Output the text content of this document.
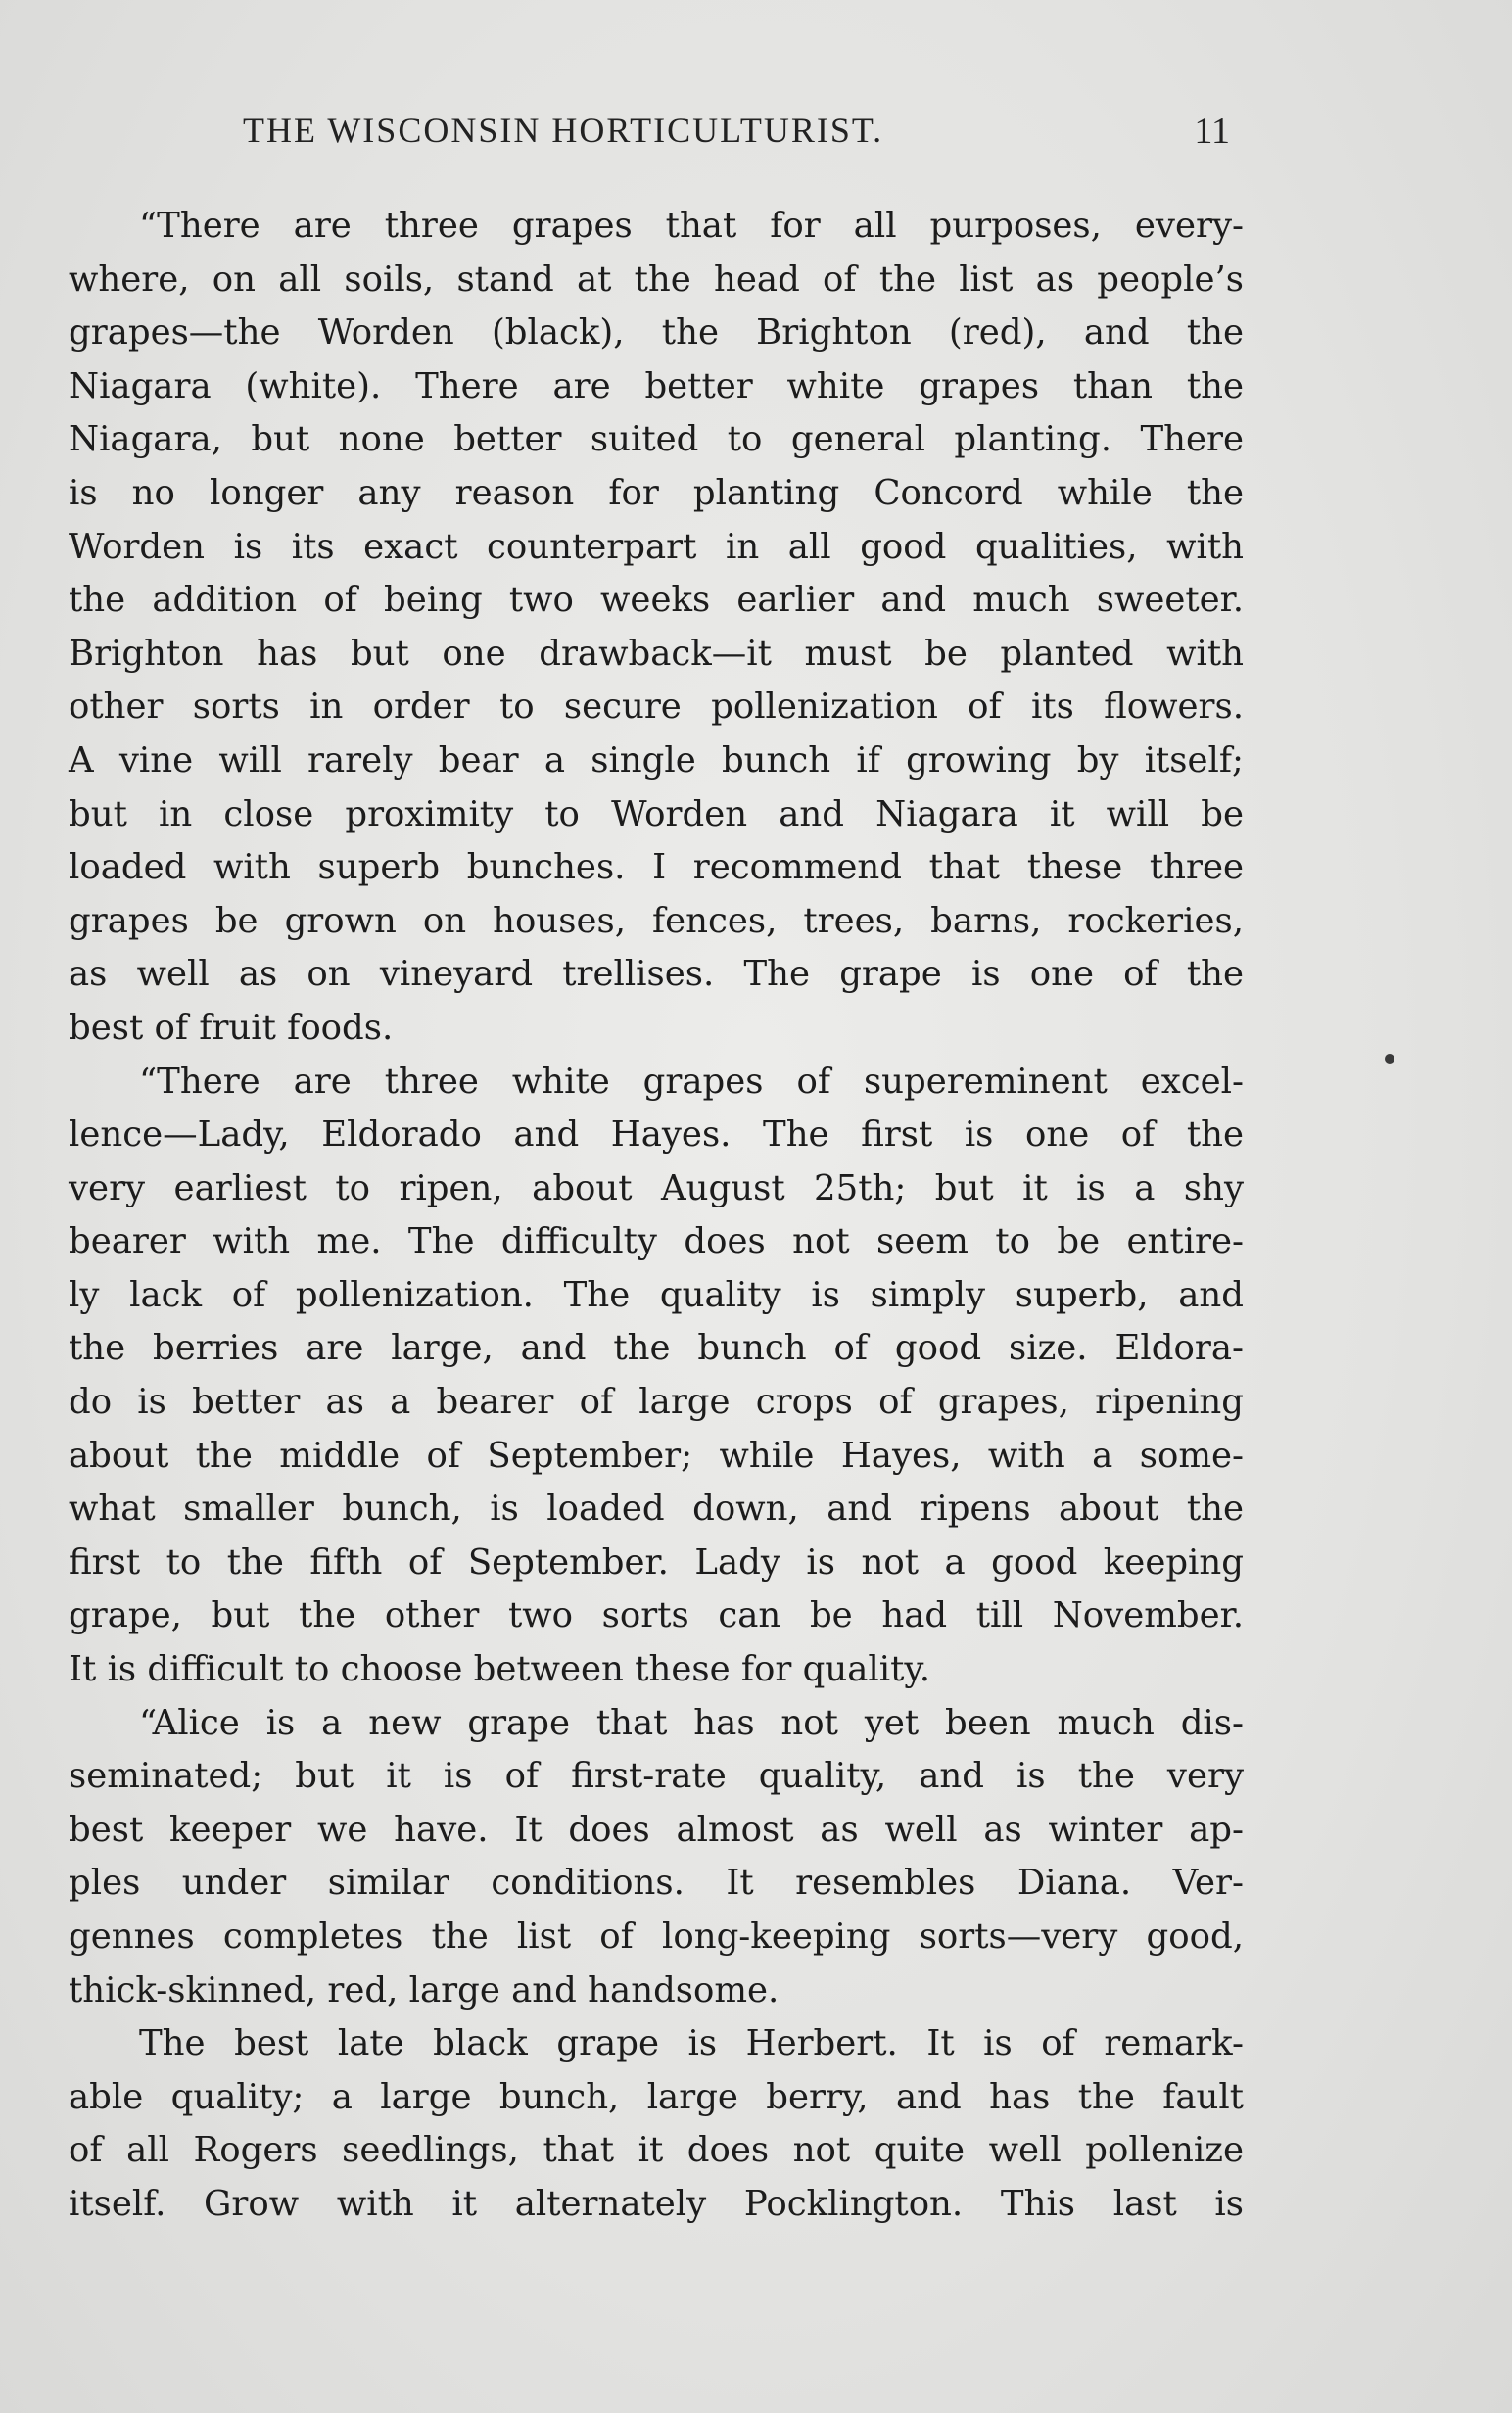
THE WISCONSIN HORTICULTURIST.	11
“There are three grapes that for all purposes, every-
where, on all soils, stand at the head of the list as people’s
grapes—the Worden (black), the Brighton (red), and the
Niagara (white). There are better white grapes than the
Niagara, but none better suited to general planting. There
is no longer any reason for planting Concord while the
Worden is its exact counterpart in all good qualities, with
the addition of being two weeks earlier and much sweeter.
Brighton has but one drawback—it must be planted with
other sorts in order to secure pollenization of its flowers.
A vine will rarely bear a single bunch if growing by itself;
but in close proximity to Worden and Niagara it will be
loaded with superb bunches. I recommend that these three
grapes be grown on houses, fences, trees, barns, rockeries,
as well as on vineyard trellises. The grape is one of the
best of fruit foods.
“There are three white grapes of supereminent excel-
lence—Lady, Eldorado and Hayes. The first is one of the
very earliest to ripen, about August 25th; but it is a shy
bearer with me. The difficulty does not seem to be entire-
ly lack of pollenization. The quality is simply superb, and
the berries are large, and the bunch of good size. Eldora-
do is better as a bearer of large crops of grapes, ripening
about the middle of September; while Hayes, with a some-
what smaller bunch, is loaded down, and ripens about the
first to the fifth of September. Lady is not a good keeping
grape, but the other two sorts can be had till November.
It is difficult to choose between these for quality.
“Alice is a new grape that has not yet been much dis-
seminated; but it is of first-rate quality, and is the very
best keeper we have. It does almost as well as winter ap-
ples under similar conditions. It resembles Diana. Ver-
gennes completes the list of long-keeping sorts—very good,
thick-skinned, red, large and handsome.
The best late black grape is Herbert. It is of remark-
able quality; a large bunch, large berry, and has the fault
of all Rogers seedlings, that it does not quite well pollenize
itself. Grow with it alternately Pocklington. This last is
